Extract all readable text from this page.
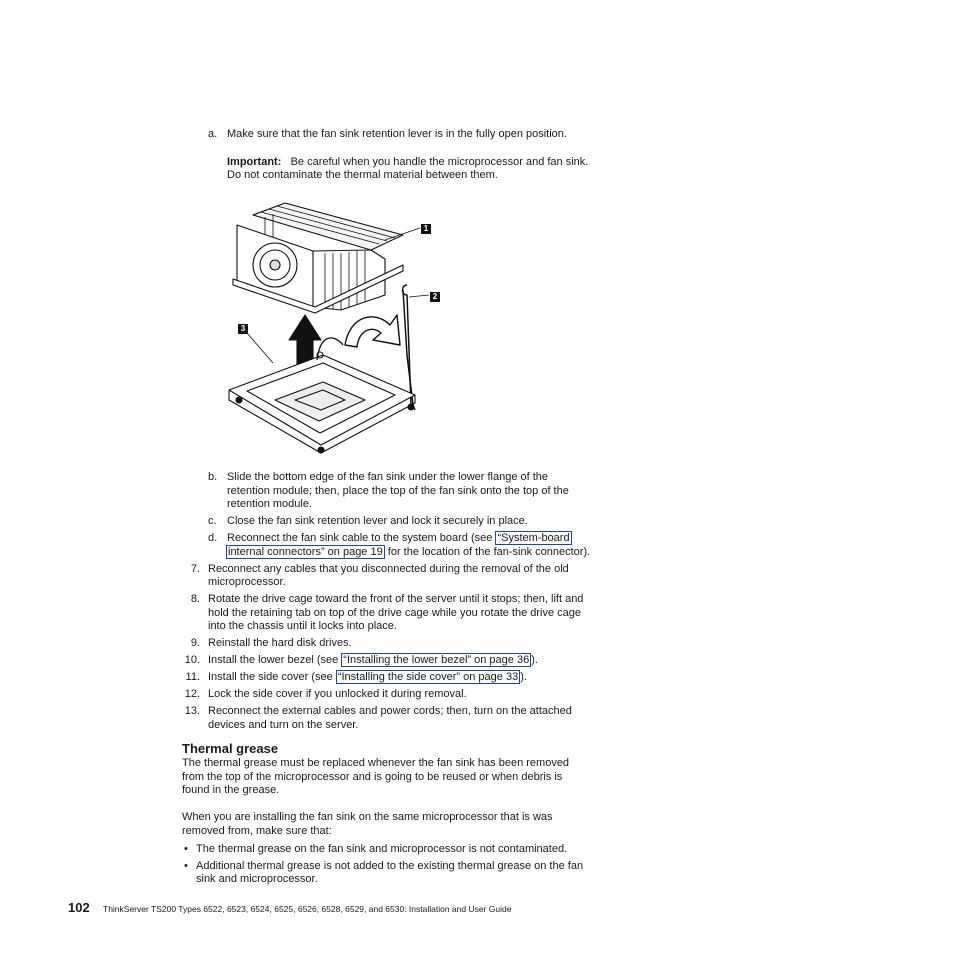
a. Make sure that the fan sink retention lever is in the fully open position.
Important: Be careful when you handle the microprocessor and fan sink.
Do not contaminate the thermal material between them.
1
2
3
b. Slide the bottom edge of the fan sink under the lower flange of the
retention module; then, place the top of the fan sink onto the top of the
retention module.
c. Close the fan sink retention lever and lock it securely in place.
d. Reconnect the fan sink cable to the system board (see “System-board
internal connectors” on page 19 for the location of the fan-sink connector).
7. Reconnect any cables that you disconnected during the removal of the old
microprocessor.
8. Rotate the drive cage toward the front of the server until it stops; then, lift and
hold the retaining tab on top of the drive cage while you rotate the drive cage
into the chassis until it locks into place.
9. Reinstall the hard disk drives.
10. Install the lower bezel (see “Installing the lower bezel” on page 36 ).
11. Install the side cover (see “Installing the side cover” on page 33 ).
12. Lock the side cover if you unlocked it during removal.
13. Reconnect the external cables and power cords; then, turn on the attached
devices and turn on the server.
Thermal grease
The thermal grease must be replaced whenever the fan sink has been removed
from the top of the microprocessor and is going to be reused or when debris is
found in the grease.
When you are installing the fan sink on the same microprocessor that is was
removed from, make sure that:
• The thermal grease on the fan sink and microprocessor is not contaminated.
• Additional thermal grease is not added to the existing thermal grease on the fan
sink and microprocessor.
102 ThinkServer TS200 Types 6522, 6523, 6524, 6525, 6526, 6528, 6529, and 6530: Installation and User Guide
